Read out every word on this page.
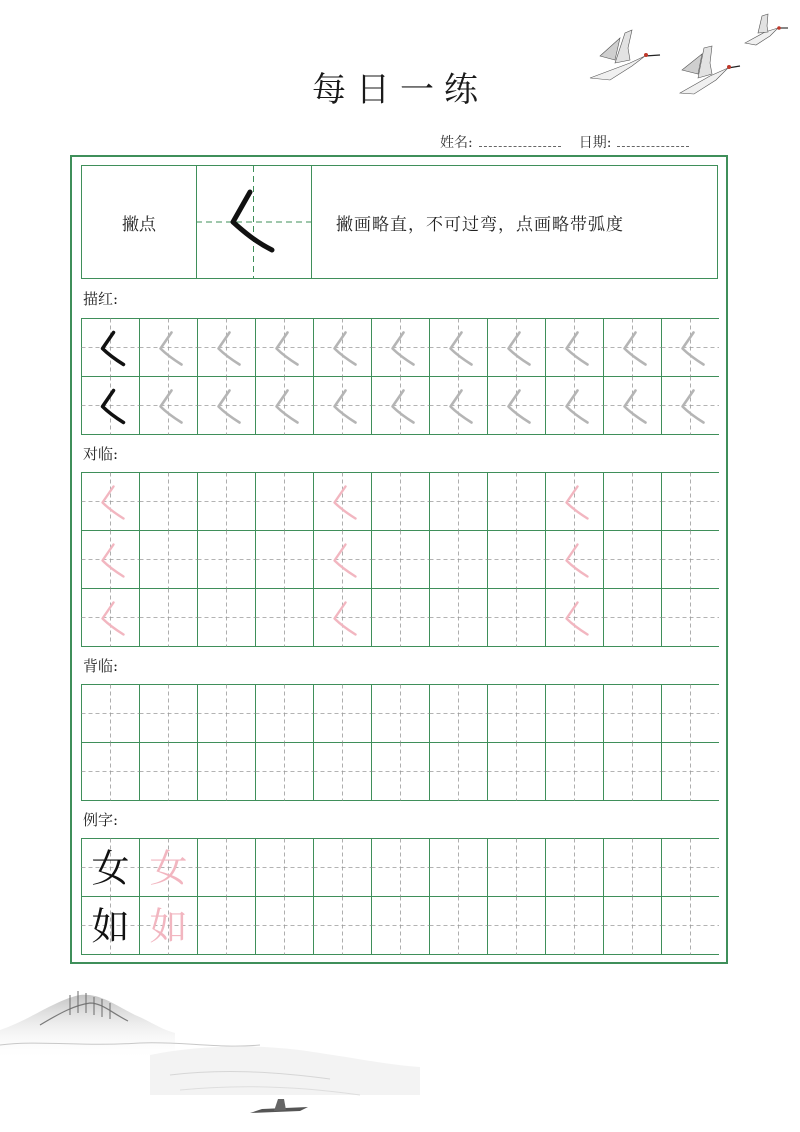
每日一练
姓名:	日期:
撇点	撇画略直，不可过弯，点画略带弧度
描红:
对临:
背临:
例字:
女 女
如 如
